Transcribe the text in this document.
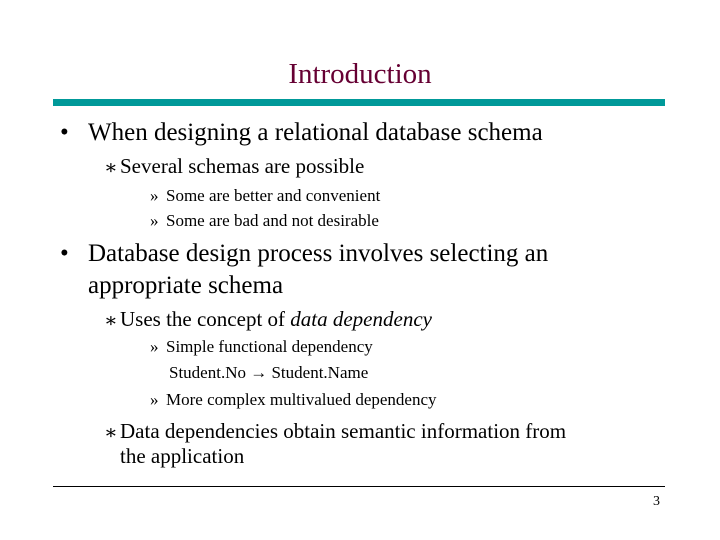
Introduction
• When designing a relational database schema
∗ Several schemas are possible
» Some are better and convenient
» Some are bad and not desirable
• Database design process involves selecting an
appropriate schema
∗ Uses the concept of data dependency
» Simple functional dependency
Student.No → Student.Name
» More complex multivalued dependency
∗ Data dependencies obtain semantic information from
the application
3
